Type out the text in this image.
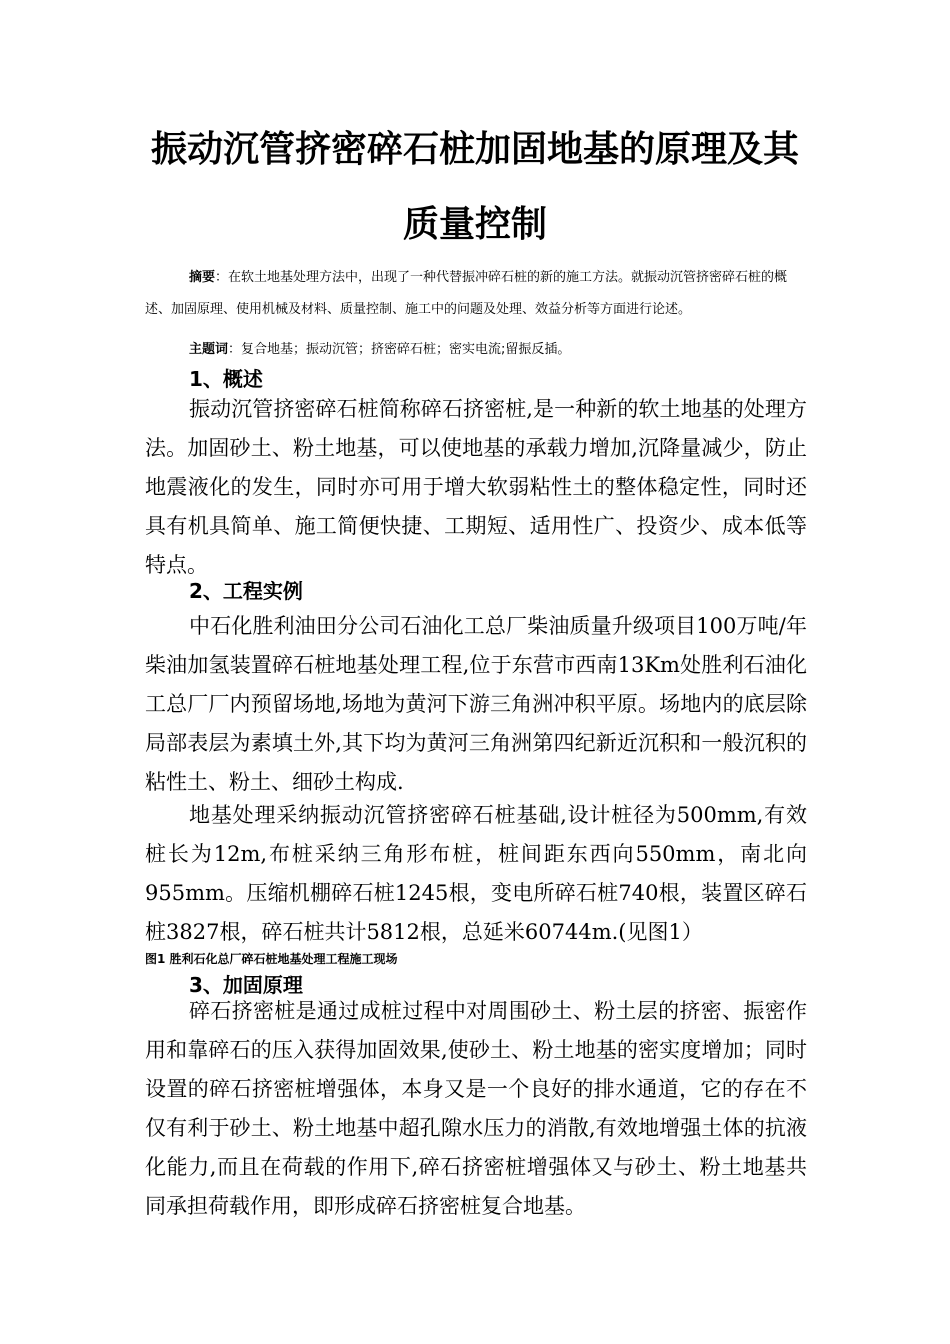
振动沉管挤密碎石桩加固地基的原理及其
质量控制
摘要：在软土地基处理方法中，出现了一种代替振冲碎石桩的新的施工方法。就振动沉管挤密碎石桩的概述、加固原理、使用机械及材料、质量控制、施工中的问题及处理、效益分析等方面进行论述。
主题词：复合地基；振动沉管；挤密碎石桩；密实电流;留振反插。
1、概述
振动沉管挤密碎石桩简称碎石挤密桩,是一种新的软土地基的处理方法。加固砂土、粉土地基，可以使地基的承载力增加,沉降量减少，防止地震液化的发生，同时亦可用于增大软弱粘性土的整体稳定性，同时还具有机具简单、施工简便快捷、工期短、适用性广、投资少、成本低等特点。
2、工程实例
中石化胜利油田分公司石油化工总厂柴油质量升级项目100万吨/年柴油加氢装置碎石桩地基处理工程,位于东营市西南13Km处胜利石油化工总厂厂内预留场地,场地为黄河下游三角洲冲积平原。场地内的底层除局部表层为素填土外,其下均为黄河三角洲第四纪新近沉积和一般沉积的粘性土、粉土、细砂土构成.
地基处理采纳振动沉管挤密碎石桩基础,设计桩径为500mm,有效桩长为12m,布桩采纳三角形布桩，桩间距东西向550mm，南北向955mm。压缩机棚碎石桩1245根，变电所碎石桩740根，装置区碎石桩3827根，碎石桩共计5812根，总延米60744m.(见图1）
图1 胜利石化总厂碎石桩地基处理工程施工现场
3、加固原理
碎石挤密桩是通过成桩过程中对周围砂土、粉土层的挤密、振密作用和靠碎石的压入获得加固效果,使砂土、粉土地基的密实度增加；同时设置的碎石挤密桩增强体，本身又是一个良好的排水通道，它的存在不仅有利于砂土、粉土地基中超孔隙水压力的消散,有效地增强土体的抗液化能力,而且在荷载的作用下,碎石挤密桩增强体又与砂土、粉土地基共同承担荷载作用，即形成碎石挤密桩复合地基。
